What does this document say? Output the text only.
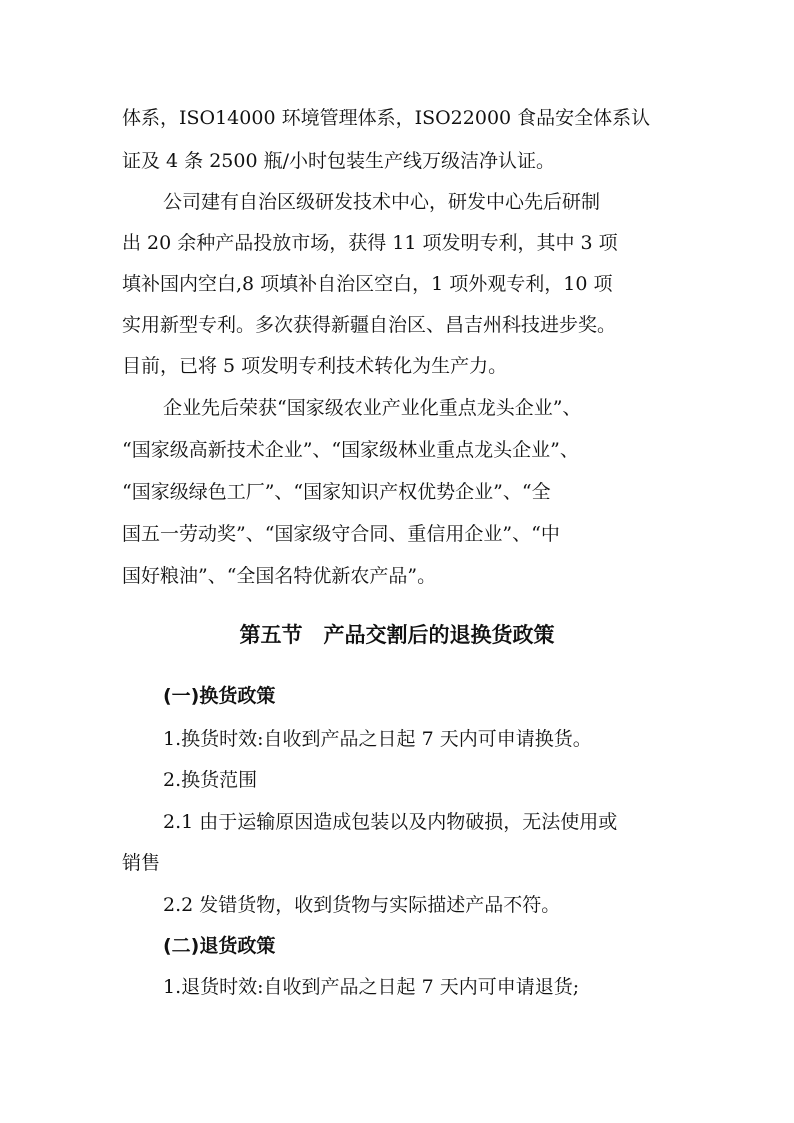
体系，ISO14000 环境管理体系，ISO22000 食品安全体系认
证及 4 条 2500 瓶/小时包装生产线万级洁净认证。
公司建有自治区级研发技术中心，研发中心先后研制
出 20 余种产品投放市场，获得 11 项发明专利，其中 3 项
填补国内空白,8 项填补自治区空白，1 项外观专利，10 项
实用新型专利。多次获得新疆自治区、昌吉州科技进步奖。
目前，已将 5 项发明专利技术转化为生产力。
企业先后荣获“国家级农业产业化重点龙头企业”、
“国家级高新技术企业”、“国家级林业重点龙头企业”、
“国家级绿色工厂”、“国家知识产权优势企业”、“全
国五一劳动奖”、“国家级守合同、重信用企业”、“中
国好粮油”、“全国名特优新农产品”。
第五节　产品交割后的退换货政策
(一)换货政策
1.换货时效:自收到产品之日起 7 天内可申请换货。
2.换货范围
2.1 由于运输原因造成包装以及内物破损，无法使用或
销售
2.2 发错货物，收到货物与实际描述产品不符。
(二)退货政策
1.退货时效:自收到产品之日起 7 天内可申请退货;
